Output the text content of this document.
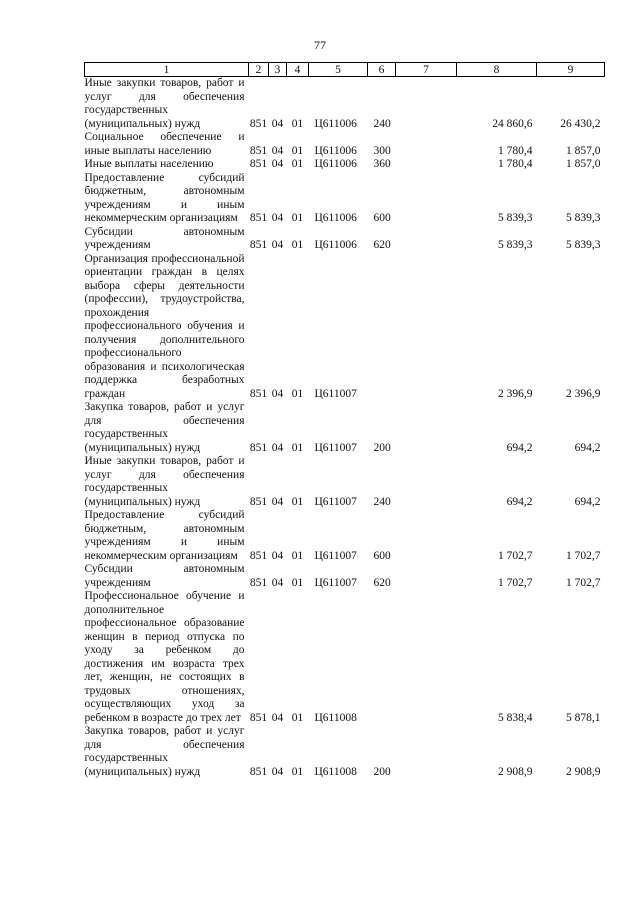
77
1	2	3	4	5	6	7	8	9
Иные закупки товаров, работ и услуг для обеспечения государственных (муниципальных) нужд	851	04	01	Ц611006	240		24 860,6	26 430,2
Социальное обеспечение и иные выплаты населению	851	04	01	Ц611006	300		1 780,4	1 857,0
Иные выплаты населению	851	04	01	Ц611006	360		1 780,4	1 857,0
Предоставление субсидий бюджетным, автономным учреждениям и иным некоммерческим организациям	851	04	01	Ц611006	600		5 839,3	5 839,3
Субсидии автономным учреждениям	851	04	01	Ц611006	620		5 839,3	5 839,3
Организация профессиональной ориентации граждан в целях выбора сферы деятельности (профессии), трудоустройства, прохождения профессионального обучения и получения дополнительного профессионального образования и психологическая поддержка безработных граждан	851	04	01	Ц611007			2 396,9	2 396,9
Закупка товаров, работ и услуг для обеспечения государственных (муниципальных) нужд	851	04	01	Ц611007	200		694,2	694,2
Иные закупки товаров, работ и услуг для обеспечения государственных (муниципальных) нужд	851	04	01	Ц611007	240		694,2	694,2
Предоставление субсидий бюджетным, автономным учреждениям и иным некоммерческим организациям	851	04	01	Ц611007	600		1 702,7	1 702,7
Субсидии автономным учреждениям	851	04	01	Ц611007	620		1 702,7	1 702,7
Профессиональное обучение и дополнительное профессиональное образование женщин в период отпуска по уходу за ребенком до достижения им возраста трех лет, женщин, не состоящих в трудовых отношениях, осуществляющих уход за ребенком в возрасте до трех лет	851	04	01	Ц611008			5 838,4	5 878,1
Закупка товаров, работ и услуг для обеспечения государственных (муниципальных) нужд	851	04	01	Ц611008	200		2 908,9	2 908,9
